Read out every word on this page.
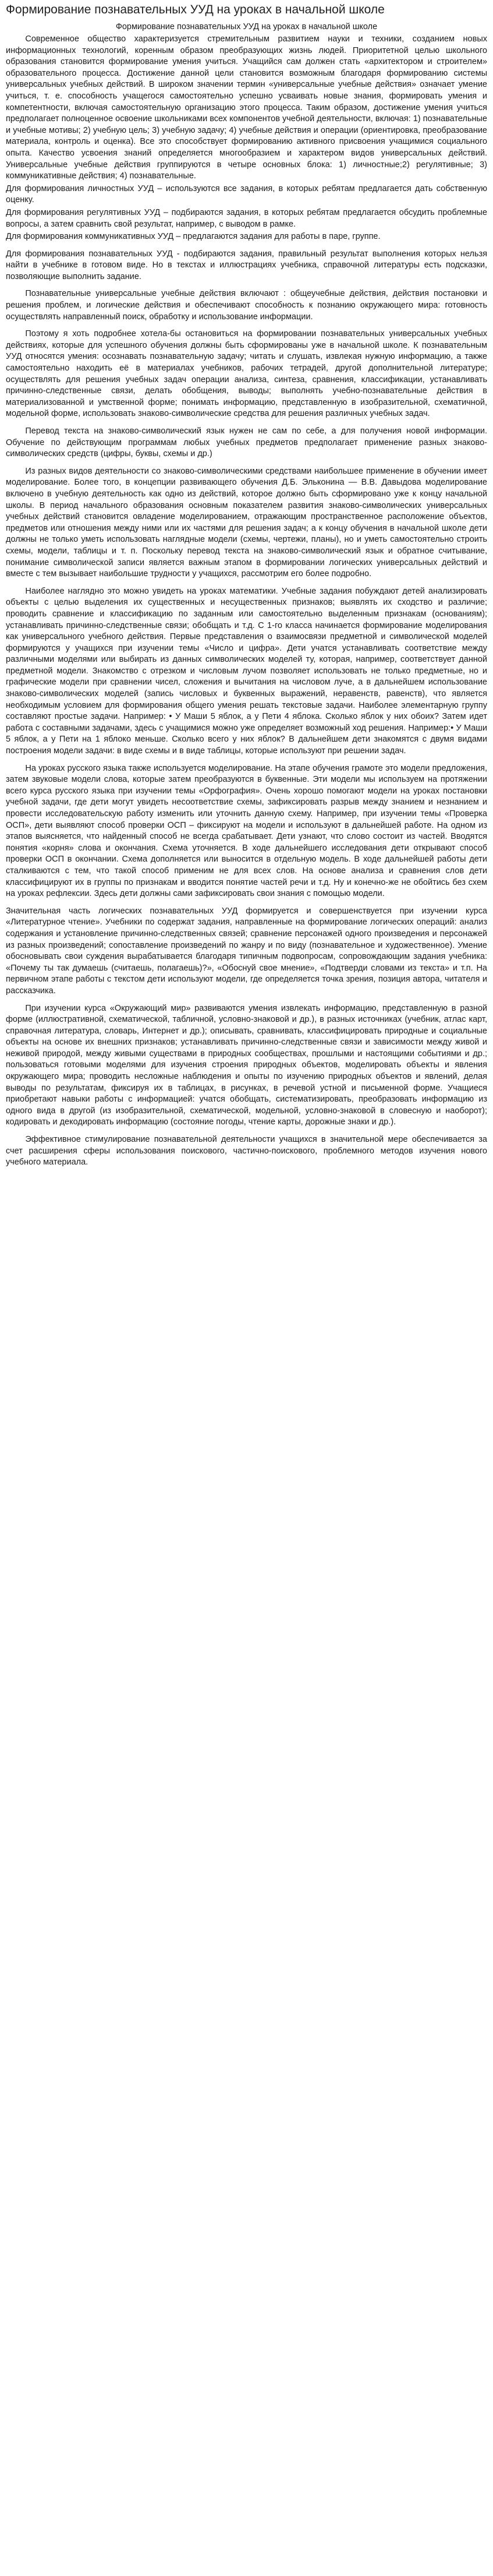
Формирование познавательных УУД на уроках в начальной школе
Формирование познавательных УУД на уроках в начальной школе

Современное общество характеризуется стремительным развитием науки и техники, созданием новых информационных технологий, коренным образом преобразующих жизнь людей. Приоритетной целью школьного образования становится формирование умения учиться. Учащийся сам должен стать «архитектором и строителем» образовательного процесса. Достижение данной цели становится возможным благодаря формированию системы универсальных учебных действий. В широком значении термин «универсальные учебные действия» означает умение учиться, т. е. способность учащегося самостоятельно успешно усваивать новые знания, формировать умения и компетентности, включая самостоятельную организацию этого процесса. Таким образом, достижение умения учиться предполагает полноценное освоение школьниками всех компонентов учебной деятельности, включая: 1) познавательные и учебные мотивы; 2) учебную цель; 3) учебную задачу; 4) учебные действия и операции (ориентировка, преобразование материала, контроль и оценка). Все это способствует формированию активного присвоения учащимися социального опыта. Качество усвоения знаний определяется многообразием и характером видов универсальных действий. Универсальные учебные действия группируются в четыре основных блока: 1) личностные;2) регулятивные; 3) коммуникативные действия; 4) познавательные.

Для формирования личностных УУД – используются все задания, в которых ребятам предлагается дать собственную оценку.

Для формирования регулятивных УУД – подбираются задания, в которых ребятам предлагается обсудить проблемные вопросы, а затем сравнить свой результат, например, с выводом в рамке.

Для формирования коммуникативных УУД – предлагаются задания для работы в паре, группе.

Для формирования познавательных УУД - подбираются задания, правильный результат выполнения которых нельзя найти в учебнике в готовом виде. Но в текстах и иллюстрациях учебника, справочной литературы есть подсказки, позволяющие выполнить задание.

Познавательные универсальные учебные действия включают : общеучебные действия, действия постановки и решения проблем, и логические действия и обеспечивают способность к познанию окружающего мира: готовность осуществлять направленный поиск, обработку и использование информации.

Поэтому я хоть подробнее хотела-бы остановиться на формировании познавательных универсальных учебных действиях, которые для успешного обучения должны быть сформированы уже в начальной школе. К познавательным УУД относятся умения: осознавать познавательную задачу; читать и слушать, извлекая нужную информацию, а также самостоятельно находить её в материалах учебников, рабочих тетрадей, другой дополнительной литературе; осуществлять для решения учебных задач операции анализа, синтеза, сравнения, классификации, устанавливать причинно-следственные связи, делать обобщения, выводы; выполнять учебно-познавательные действия в материализованной и умственной форме; понимать информацию, представленную в изобразительной, схематичной, модельной форме, использовать знаково-символические средства для решения различных учебных задач.

Перевод текста на знаково-символический язык нужен не сам по себе, а для получения новой информации. Обучение по действующим программам любых учебных предметов предполагает применение разных знаково-символических средств (цифры, буквы, схемы и др.)

Из разных видов деятельности со знаково-символическими средствами наибольшее применение в обучении имеет моделирование. Более того, в концепции развивающего обучения Д.Б. Эльконина — В.В. Давыдова моделирование включено в учебную деятельность как одно из действий, которое должно быть сформировано уже к концу начальной школы. В период начального образования основным показателем развития знаково-символических универсальных учебных действий становится овладение моделированием, отражающим пространственное расположение объектов, предметов или отношения между ними или их частями для решения задач; а к концу обучения в начальной школе дети должны не только уметь использовать наглядные модели (схемы, чертежи, планы), но и уметь самостоятельно строить схемы, модели, таблицы и т. п. Поскольку перевод текста на знаково-символический язык и обратное считывание, понимание символической записи является важным этапом в формировании логических универсальных действий и вместе с тем вызывает наибольшие трудности у учащихся, рассмотрим его более подробно.

Наиболее наглядно это можно увидеть на уроках математики. Учебные задания побуждают детей анализировать объекты с целью выделения их существенных и несущественных признаков; выявлять их сходство и различие; проводить сравнение и классификацию по заданным или самостоятельно выделенным признакам (основаниям); устанавливать причинно-следственные связи; обобщать и т.д. С 1-го класса начинается формирование моделирования как универсального учебного действия. Первые представления о взаимосвязи предметной и символической моделей формируются у учащихся при изучении темы «Число и цифра». Дети учатся устанавливать соответствие между различными моделями или выбирать из данных символических моделей ту, которая, например, соответствует данной предметной модели. Знакомство с отрезком и числовым лучом позволяет использовать не только предметные, но и графические модели при сравнении чисел, сложения и вычитания на числовом луче, а в дальнейшем использование знаково-символических моделей (запись числовых и буквенных выражений, неравенств, равенств), что является необходимым условием для формирования общего умения решать текстовые задачи. Наиболее элементарную группу составляют простые задачи. Например: • У Маши 5 яблок, а у Пети 4 яблока. Сколько яблок у них обоих? Затем идет работа с составными задачами, здесь с учащимися можно уже определяет возможный ход решения. Например:• У Маши 5 яблок, а у Пети на 1 яблоко меньше. Сколько всего у них яблок? В дальнейшем дети знакомятся с двумя видами построения модели задачи: в виде схемы и в виде таблицы, которые используют при решении задач.

На уроках русского языка также используется моделирование. На этапе обучения грамоте это модели предложения, затем звуковые модели слова, которые затем преобразуются в буквенные. Эти модели мы используем на протяжении всего курса русского языка при изучении темы «Орфография». Очень хорошо помогают модели на уроках постановки учебной задачи, где дети могут увидеть несоответствие схемы, зафиксировать разрыв между знанием и незнанием и провести исследовательскую работу изменить или уточнить данную схему. Например, при изучении темы «Проверка ОСП», дети выявляют способ проверки ОСП – фиксируют на модели и используют в дальнейшей работе. На одном из этапов выясняется, что найденный способ не всегда срабатывает. Дети узнают, что слово состоит из частей. Вводятся понятия «корня» слова и окончания. Схема уточняется. В ходе дальнейшего исследования дети открывают способ проверки ОСП в окончании. Схема дополняется или выносится в отдельную модель. В ходе дальнейшей работы дети сталкиваются с тем, что такой способ применим не для всех слов. На основе анализа и сравнения слов дети классифицируют их в группы по признакам и вводится понятие частей речи и т.д. Ну и конечно-же не обойтись без схем на уроках рефлексии. Здесь дети должны сами зафиксировать свои знания с помощью модели.

Значительная часть логических познавательных УУД формируется и совершенствуется при изучении курса «Литературное чтение». Учебники по содержат задания, направленные на формирование логических операций: анализ содержания и установление причинно-следственных связей; сравнение персонажей одного произведения и персонажей из разных произведений; сопоставление произведений по жанру и по виду (познавательное и художественное). Умение обосновывать свои суждения вырабатывается благодаря типичным подвопросам, сопровождающим задания учебника: «Почему ты так думаешь (считаешь, полагаешь)?», «Обоснуй свое мнение», «Подтверди словами из текста» и т.п. На первичном этапе работы с текстом дети используют модели, где определяется точка зрения, позиция автора, читателя и рассказчика.

При изучении курса «Окружающий мир» развиваются умения извлекать информацию, представленную в разной форме (иллюстративной, схематической, табличной, условно-знаковой и др.), в разных источниках (учебник, атлас карт, справочная литература, словарь, Интернет и др.); описывать, сравнивать, классифицировать природные и социальные объекты на основе их внешних признаков; устанавливать причинно-следственные связи и зависимости между живой и неживой природой, между живыми существами в природных сообществах, прошлыми и настоящими событиями и др.; пользоваться готовыми моделями для изучения строения природных объектов, моделировать объекты и явления окружающего мира; проводить несложные наблюдения и опыты по изучению природных объектов и явлений, делая выводы по результатам, фиксируя их в таблицах, в рисунках, в речевой устной и письменной форме. Учащиеся приобретают навыки работы с информацией: учатся обобщать, систематизировать, преобразовать информацию из одного вида в другой (из изобразительной, схематической, модельной, условно-знаковой в словесную и наоборот); кодировать и декодировать информацию (состояние погоды, чтение карты, дорожные знаки и др.).

Эффективное стимулирование познавательной деятельности учащихся в значительной мере обеспечивается за счет расширения сферы использования поискового, частично-поискового, проблемного методов изучения нового учебного материала.
